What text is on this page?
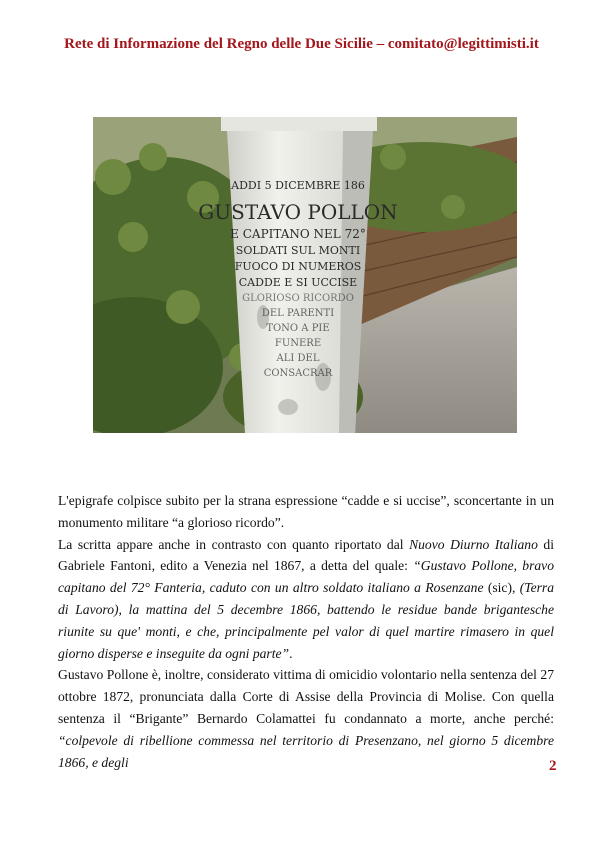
Rete di Informazione del Regno delle Due Sicilie – comitato@legittimisti.it
ADDI 5 DICEMBRE 186
GUSTAVO POLLON
E CAPITANO NEL 72°
SOLDATI SUL MONTI
FUOCO DI NUMEROS
CADDE E SI UCCISE
GLORIOSO RICORDO
DEL PARENTI
TONO A PIE
FUNERE
ALI DEL
CONSACRAR

L'epigrafe colpisce subito per la strana espressione “cadde e si uccise”, sconcertante in un monumento militare “a glorioso ricordo”.

La scritta appare anche in contrasto con quanto riportato dal Nuovo Diurno Italiano di Gabriele Fantoni, edito a Venezia nel 1867, a detta del quale: “Gustavo Pollone, bravo capitano del 72° Fanteria, caduto con un altro soldato italiano a Rosenzane (sic), (Terra di Lavoro), la mattina del 5 decembre 1866, battendo le residue bande brigantesche riunite su que' monti, e che, principalmente pel valor di quel martire rimasero in quel giorno disperse e inseguite da ogni parte”.

Gustavo Pollone è, inoltre, considerato vittima di omicidio volontario nella sentenza del 27 ottobre 1872, pronunciata dalla Corte di Assise della Provincia di Molise. Con quella sentenza il “Brigante” Bernardo Colamattei fu condannato a morte, anche perché: “colpevole di ribellione commessa nel territorio di Presenzano, nel giorno 5 dicembre 1866, e degli	2
